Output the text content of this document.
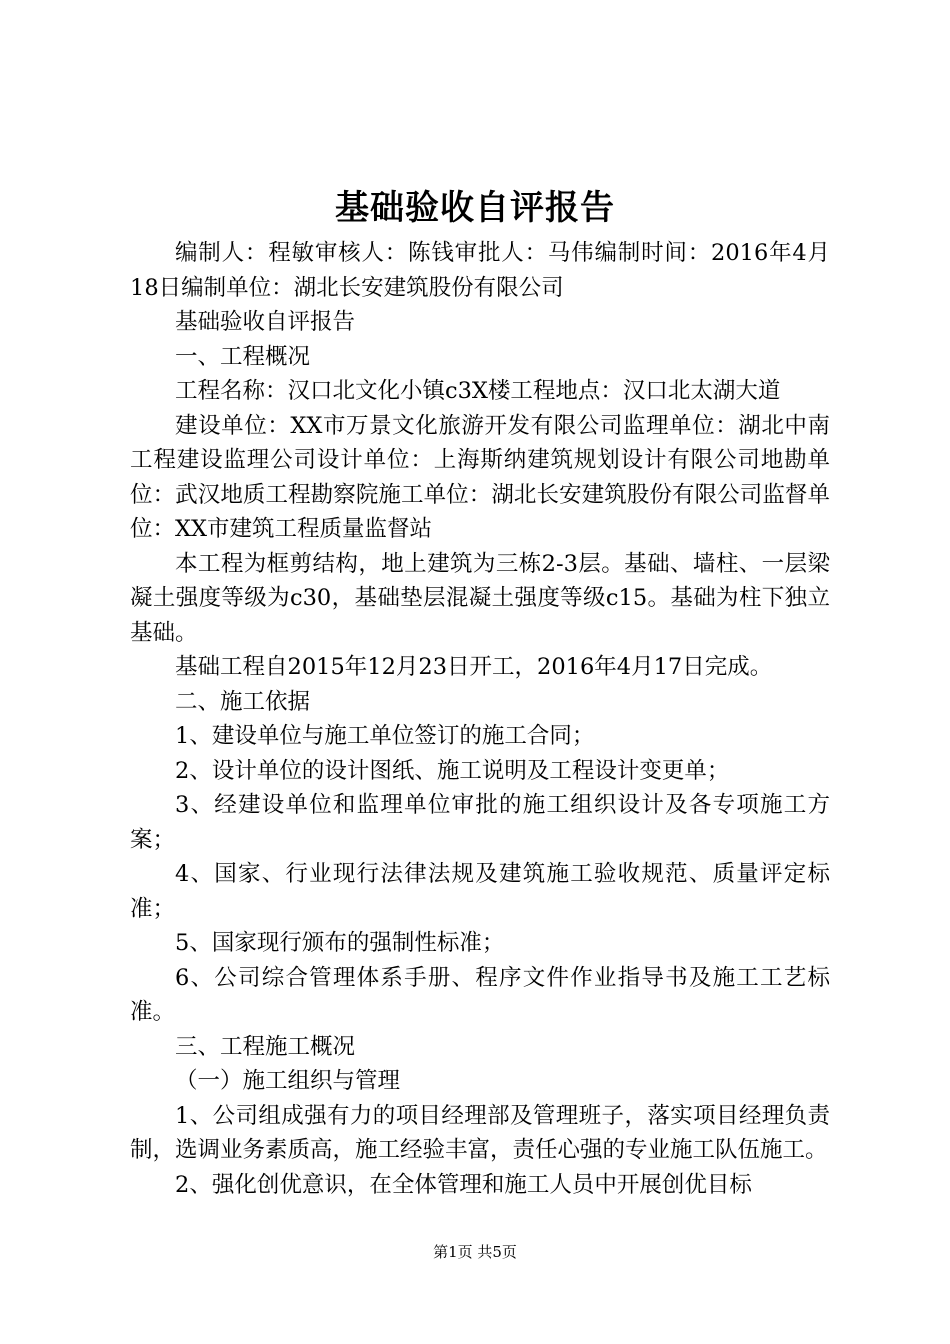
基础验收自评报告

编制人：程敏审核人：陈钱审批人：马伟编制时间：2016年4月18日编制单位：湖北长安建筑股份有限公司

基础验收自评报告

一、工程概况

工程名称：汉口北文化小镇c3X楼工程地点：汉口北太湖大道

建设单位：XX市万景文化旅游开发有限公司监理单位：湖北中南工程建设监理公司设计单位：上海斯纳建筑规划设计有限公司地勘单位：武汉地质工程勘察院施工单位：湖北长安建筑股份有限公司监督单位：XX市建筑工程质量监督站

本工程为框剪结构，地上建筑为三栋2-3层。基础、墙柱、一层梁凝土强度等级为c30，基础垫层混凝土强度等级c15。基础为柱下独立基础。

基础工程自2015年12月23日开工，2016年4月17日完成。

二、施工依据

1、建设单位与施工单位签订的施工合同；

2、设计单位的设计图纸、施工说明及工程设计变更单；

3、经建设单位和监理单位审批的施工组织设计及各专项施工方案；

4、国家、行业现行法律法规及建筑施工验收规范、质量评定标准；

5、国家现行颁布的强制性标准；

6、公司综合管理体系手册、程序文件作业指导书及施工工艺标准。

三、工程施工概况

（一）施工组织与管理

1、公司组成强有力的项目经理部及管理班子，落实项目经理负责制，选调业务素质高，施工经验丰富，责任心强的专业施工队伍施工。

2、强化创优意识，在全体管理和施工人员中开展创优目标

第1页 共5页
